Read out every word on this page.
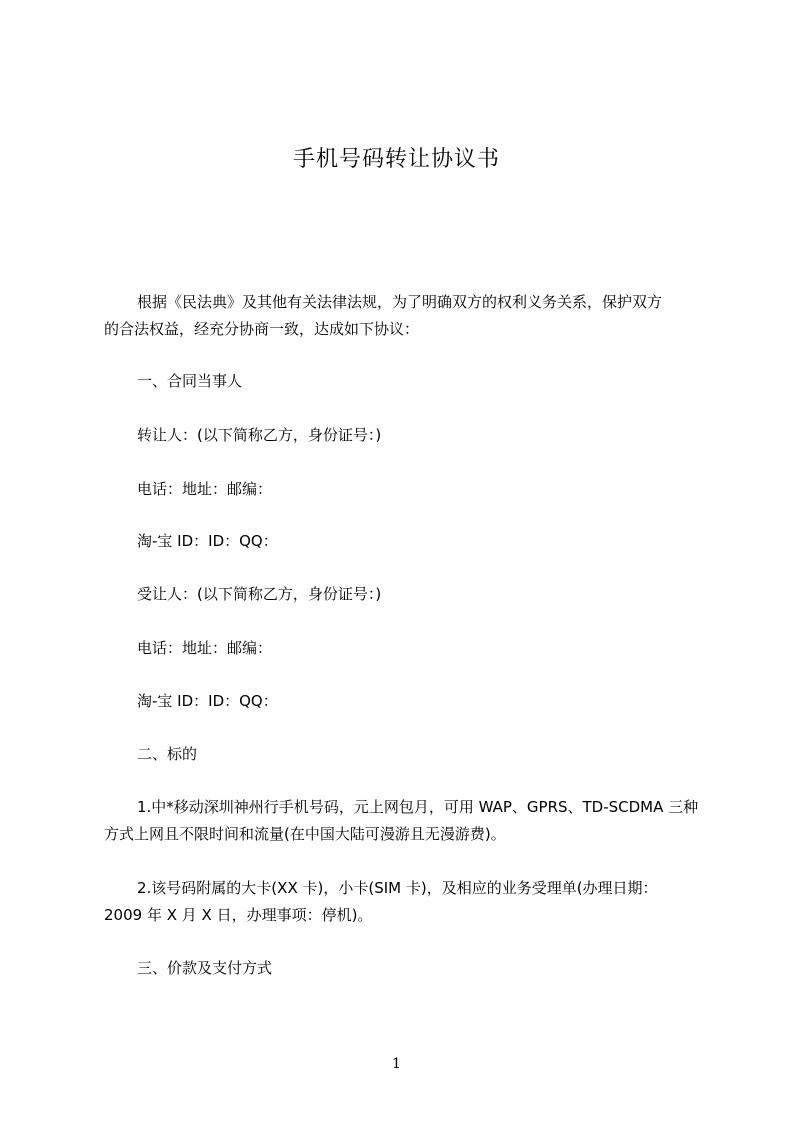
手机号码转让协议书
根据《民法典》及其他有关法律法规，为了明确双方的权利义务关系，保护双方
的合法权益，经充分协商一致，达成如下协议：
一、合同当事人
转让人：(以下简称乙方，身份证号：)
电话：地址：邮编：
淘-宝 ID：ID：QQ：
受让人：(以下简称乙方，身份证号：)
电话：地址：邮编：
淘-宝 ID：ID：QQ：
二、标的
1.中*移动深圳神州行手机号码，元上网包月，可用 WAP、GPRS、TD-SCDMA 三种
方式上网且不限时间和流量(在中国大陆可漫游且无漫游费)。
2.该号码附属的大卡(XX 卡)，小卡(SIM 卡)，及相应的业务受理单(办理日期：
2009 年 X 月 X 日，办理事项：停机)。
三、价款及支付方式
1
